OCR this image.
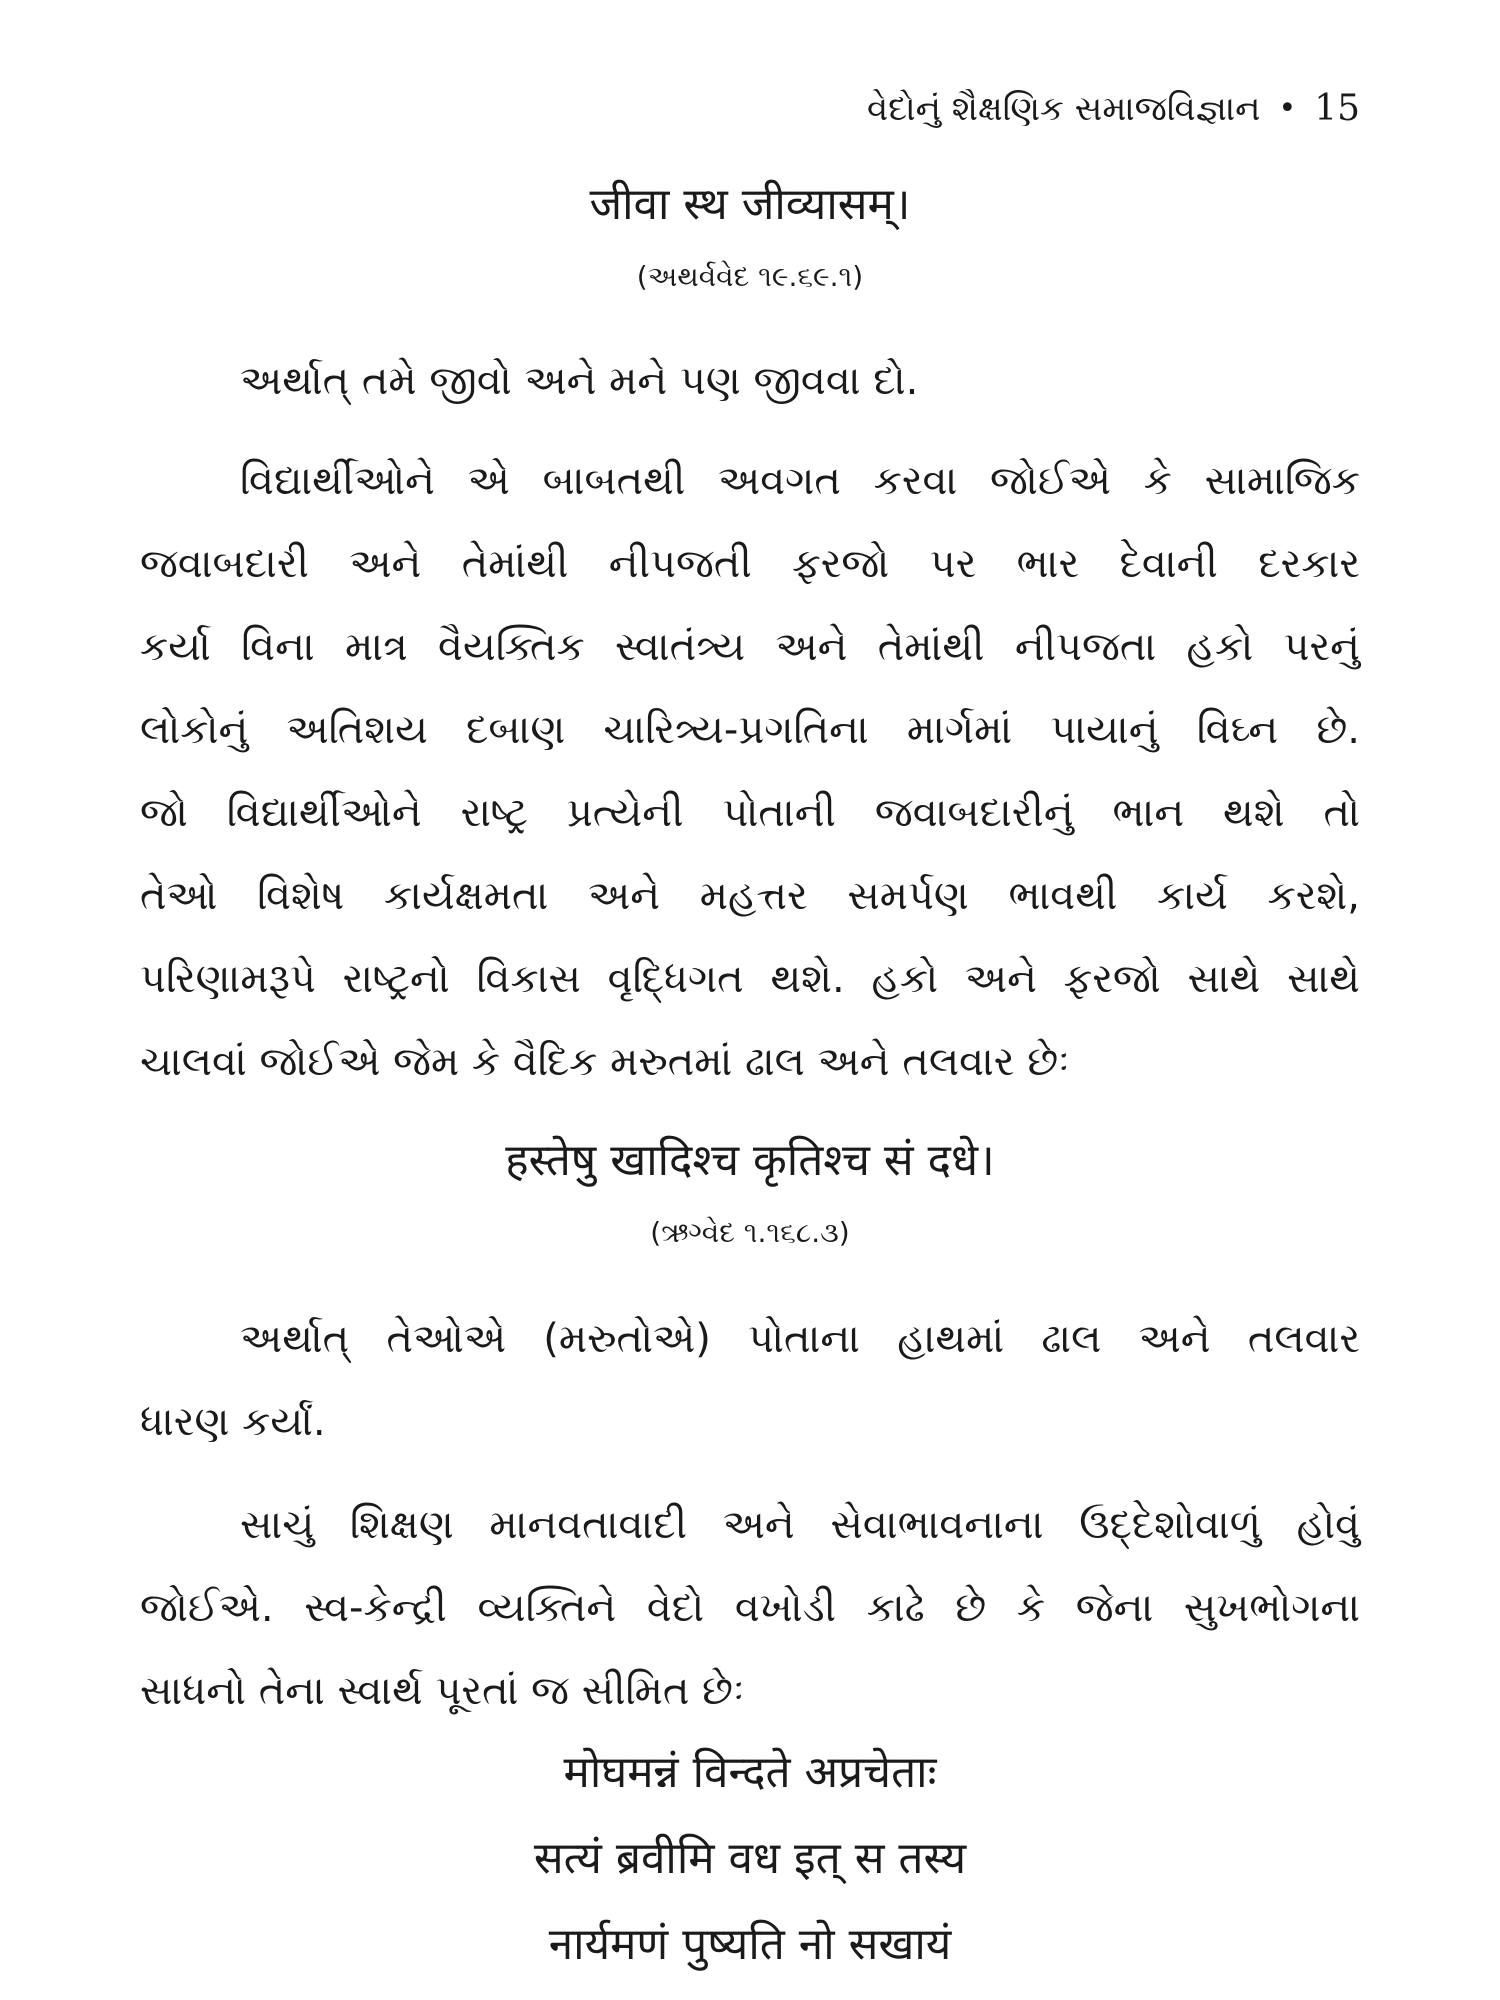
વેદોનું શૈક્ષણિક સમાજવિજ્ઞાન • 15
जीवा स्थ जीव्यासम्।
(અથર્વવેદ ૧૯.૬૯.૧)
અર્થાત્ તમે જીવો અને મને પણ જીવવા દો.
વિદ્યાર્થીઓને એ બાબતથી અવગત કરવા જોઈએ કે સામાજિક
જવાબદારી અને તેમાંથી નીપજતી ફરજો પર ભાર દેવાની દરકાર
કર્યા વિના માત્ર વૈયક્તિક સ્વાતંત્ર્ય અને તેમાંથી નીપજતા હકો પરનું
લોકોનું અતિશય દબાણ ચારિત્ર્ય-પ્રગતિના માર્ગમાં પાયાનું વિઘ્ન છે.
જો વિદ્યાર્થીઓને રાષ્ટ્ર પ્રત્યેની પોતાની જવાબદારીનું ભાન થશે તો
તેઓ વિશેષ કાર્યક્ષમતા અને મહત્તર સમર્પણ ભાવથી કાર્ય કરશે,
પરિણામરૂપે રાષ્ટ્રનો વિકાસ વૃદ્ધિગત થશે. હકો અને ફરજો સાથે સાથે
ચાલવાં જોઈએ જેમ કે વૈદિક મરુતમાં ઢાલ અને તલવાર છેઃ
हस्तेषु खादिश्च कृतिश्च सं दधे।
(ઋગ્વેદ ૧.૧૬૮.૩)
અર્થાત્ તેઓએ (મરુતોએ) પોતાના હાથમાં ઢાલ અને તલવાર
ધારણ કર્યાં.
સાચું શિક્ષણ માનવતાવાદી અને સેવાભાવનાના ઉદ્દેશોવાળું હોવું
જોઈએ. સ્વ-કેન્દ્રી વ્યક્તિને વેદો વખોડી કાઢે છે કે જેના સુખભોગના
સાધનો તેના સ્વાર્થ પૂરતાં જ સીમિત છેઃ
मोघमन्नं विन्दते अप्रचेताः
सत्यं ब्रवीमि वध इत् स तस्य
नार्यमणं पुष्यति नो सखायं
